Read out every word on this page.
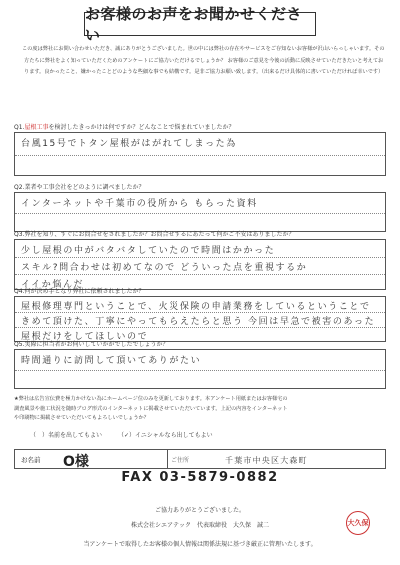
お客様のお声をお聞かせください

この度は弊社にお問い合わせいただき、誠にありがとうございました。世の中には弊社の存在やサービスをご存知ないお客様が沢山いらっしゃいます。その方たちに弊社をよく知っていただくためのアンケートにご協力いただけるでしょうか？ お客様のご意見を今後の活動に反映させていただきたいと考えております。良かったこと、嫌かったことどのような些細な事でも結構です。是非ご協力お願い致します。（出来るだけ具体的に書いていただければ幸いです）

Q1.屋根工事を検討したきっかけは何ですか？どんなことで悩まれていましたか？
台風15号でトタン屋根がはがれてしまった為
Q2.業者や工事会社をどのように調べましたか？
インターネットや千葉市の役所から もらった資料
Q3.弊社を知り、すぐにお問合せをされましたか？お問合せするにあたって何かご不安はありましたか？
少し屋根の中がバタバタしていたので時間はかかった
スキル?問合わせは初めてなので どういった点を重視するか
イイか悩んだ
Q4.何が決め手となり弊社に依頼されましたか？
屋根修理専門ということで、火災保険の申請業務をしているということで
きめて頂けた、丁寧にやってもらえたらと思う 今回は早急で被害のあった
屋根だけをしてほしいので
Q5.実際に担当者がお伺いしていかがでしたでしょうか？
時間通りに訪問して頂いてありがたい

★弊社は広告宣伝費を極力かけない為にホームページ位のみを更新しております。本アンケート用紙またはお客様宅の

調査風景や施工状況を随時ブログ形式のインターネットに掲載させていただいています。上記の内容をインターネット

や印刷物に掲載させていただいてもよろしいでしょうか？

（　）名前を出してもよい	（✓）イニシャルなら出してもよい
お名前 O様	ご住所	千葉市中央区大森町
FAX 03-5879-0882
ご協力ありがとうございました。
株式会社シエアテック　代表取締役　大久保　誠二
当アンケートで取得したお客様の個人情報は関係法規に基づき厳正に管理いたします。
大久保
